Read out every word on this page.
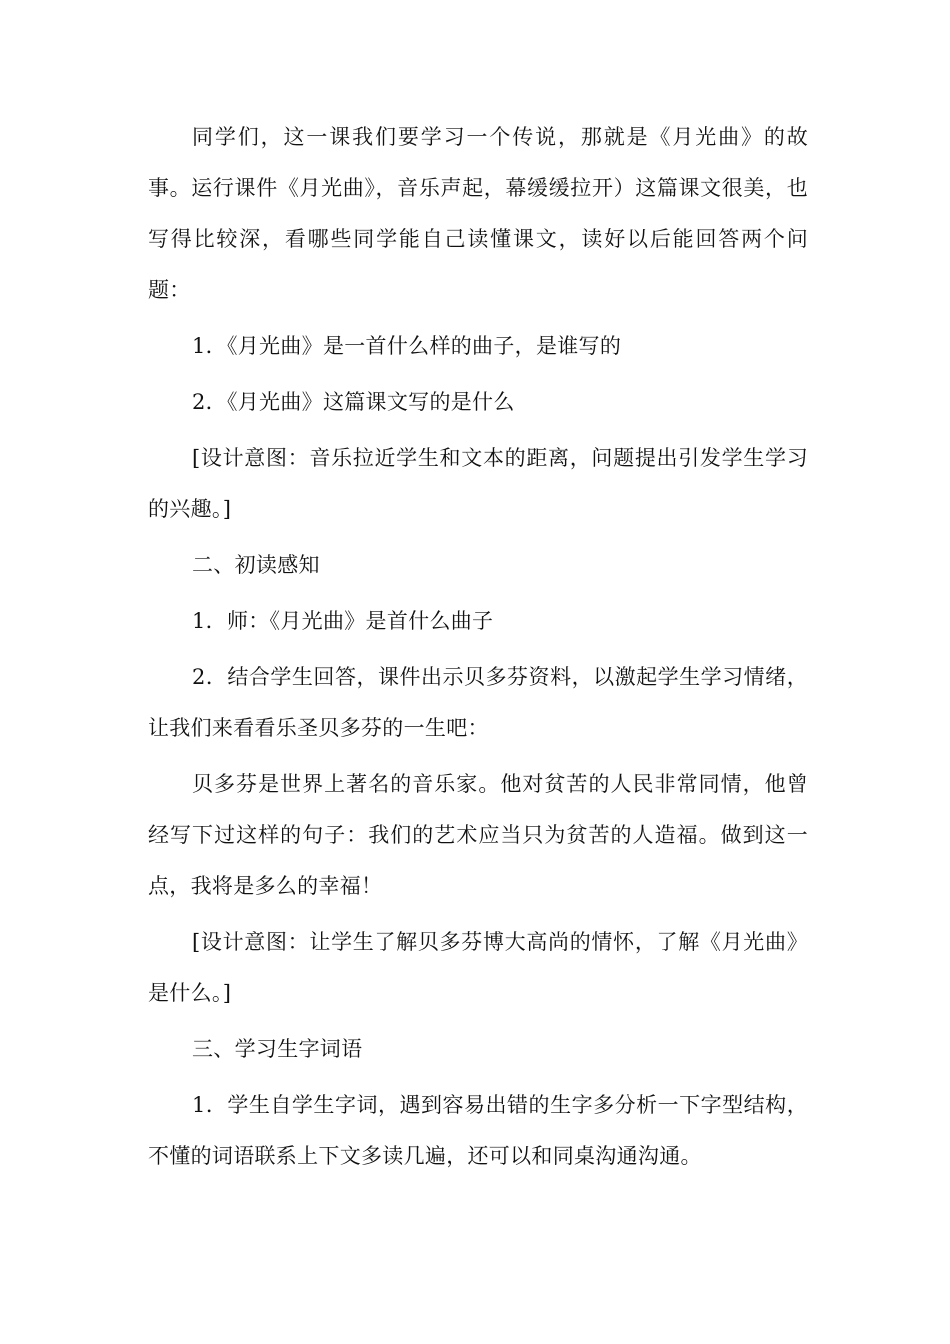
同学们，这一课我们要学习一个传说，那就是《月光曲》的故事。运行课件《月光曲》，音乐声起，幕缓缓拉开）这篇课文很美，也写得比较深，看哪些同学能自己读懂课文，读好以后能回答两个问题：

1．《月光曲》是一首什么样的曲子，是谁写的

2．《月光曲》这篇课文写的是什么

[设计意图：音乐拉近学生和文本的距离，问题提出引发学生学习的兴趣。]

二、初读感知

1．师：《月光曲》是首什么曲子

2．结合学生回答，课件出示贝多芬资料，以激起学生学习情绪，让我们来看看乐圣贝多芬的一生吧：

贝多芬是世界上著名的音乐家。他对贫苦的人民非常同情，他曾经写下过这样的句子：我们的艺术应当只为贫苦的人造福。做到这一点，我将是多么的幸福！

[设计意图：让学生了解贝多芬博大高尚的情怀，了解《月光曲》是什么。]

三、学习生字词语

1．学生自学生字词，遇到容易出错的生字多分析一下字型结构，不懂的词语联系上下文多读几遍，还可以和同桌沟通沟通。
